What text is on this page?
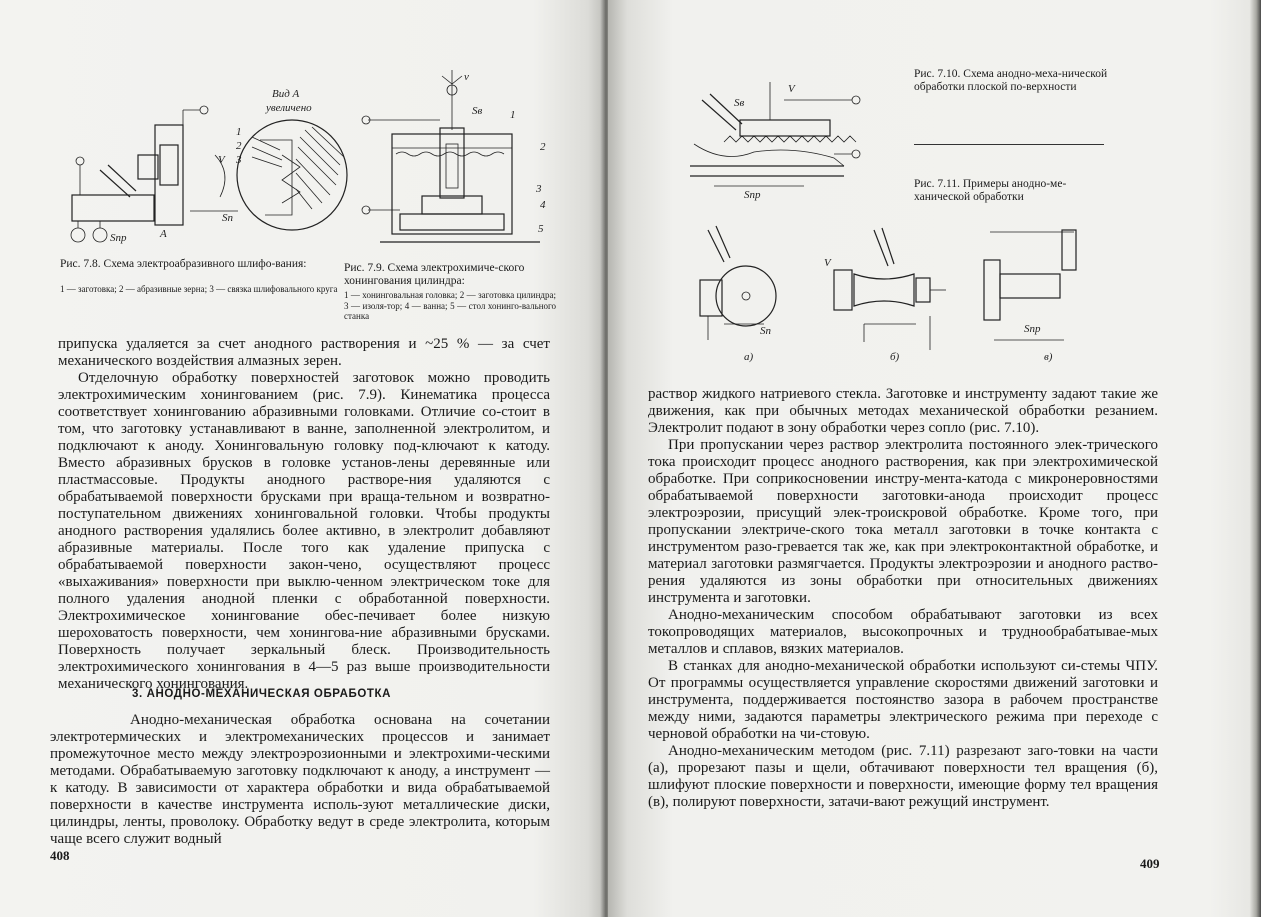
Вид А
увеличено
1
2
3
V
Sn
A
Sпр
Рис. 7.8. Схема электроабразивного шлифо-вания:
1 — заготовка; 2 — абразивные зерна; 3 — связка шлифовального круга
v
Sв	1
2
3
4
5
Рис. 7.9. Схема электрохимиче-ского хонингования цилиндра:
1 — хонинговальная головка; 2 — заготовка цилиндра; 3 — изоля-тор; 4 — ванна; 5 — стол хонинго-вального станка

припуска удаляется за счет анодного растворения и ~25 % — за счет механического воздействия алмазных зерен.

Отделочную обработку поверхностей заготовок можно проводить электрохимическим хонингованием (рис. 7.9). Кинематика процесса соответствует хонингованию абразивными головками. Отличие со-стоит в том, что заготовку устанавливают в ванне, заполненной электролитом, и подключают к аноду. Хонинговальную головку под-ключают к катоду. Вместо абразивных брусков в головке установ-лены деревянные или пластмассовые. Продукты анодного растворе-ния удаляются с обрабатываемой поверхности брусками при враща-тельном и возвратно-поступательном движениях хонинговальной головки. Чтобы продукты анодного растворения удалялись более активно, в электролит добавляют абразивные материалы. После того как удаление припуска с обрабатываемой поверхности закон-чено, осуществляют процесс «выхаживания» поверхности при выклю-ченном электрическом токе для полного удаления анодной пленки с обработанной поверхности. Электрохимическое хонингование обес-печивает более низкую шероховатость поверхности, чем хонингова-ние абразивными брусками. Поверхность получает зеркальный блеск. Производительность электрохимического хонингования в 4—5 раз выше производительности механического хонингования.

3. АНОДНО-МЕХАНИЧЕСКАЯ ОБРАБОТКА

Анодно-механическая обработка основана на сочетании электротермических и электромеханических процессов и занимает промежуточное место между электроэрозионными и электрохими-ческими методами. Обрабатываемую заготовку подключают к аноду, а инструмент — к катоду. В зависимости от характера обработки и вида обрабатываемой поверхности в качестве инструмента исполь-зуют металлические диски, цилиндры, ленты, проволоку. Обработку ведут в среде электролита, которым чаще всего служит водный

408
Sв
V
Sпр
Рис. 7.10. Схема анодно-меха-нической обработки плоской по-верхности
Рис. 7.11. Примеры анодно-ме-ханической обработки
а)	б)	в)
Sn
V
Sпр

раствор жидкого натриевого стекла. Заготовке и инструменту задают такие же движения, как при обычных методах механической обработки резанием. Электролит подают в зону обработки через сопло (рис. 7.10).

При пропускании через раствор электролита постоянного элек-трического тока происходит процесс анодного растворения, как при электрохимической обработке. При соприкосновении инстру-мента-катода с микронеровностями обрабатываемой поверхности заготовки-анода происходит процесс электроэрозии, присущий элек-троискровой обработке. Кроме того, при пропускании электриче-ского тока металл заготовки в точке контакта с инструментом разо-гревается так же, как при электроконтактной обработке, и материал заготовки размягчается. Продукты электроэрозии и анодного раство-рения удаляются из зоны обработки при относительных движениях инструмента и заготовки.

Анодно-механическим способом обрабатывают заготовки из всех токопроводящих материалов, высокопрочных и труднообрабатывае-мых металлов и сплавов, вязких материалов.

В станках для анодно-механической обработки используют си-стемы ЧПУ. От программы осуществляется управление скоростями движений заготовки и инструмента, поддерживается постоянство зазора в рабочем пространстве между ними, задаются параметры электрического режима при переходе с черновой обработки на чи-стовую.

Анодно-механическим методом (рис. 7.11) разрезают заго-товки на части (а), прорезают пазы и щели, обтачивают поверхности тел вращения (б), шлифуют плоские поверхности и поверхности, имеющие форму тел вращения (в), полируют поверхности, затачи-вают режущий инструмент.

409
